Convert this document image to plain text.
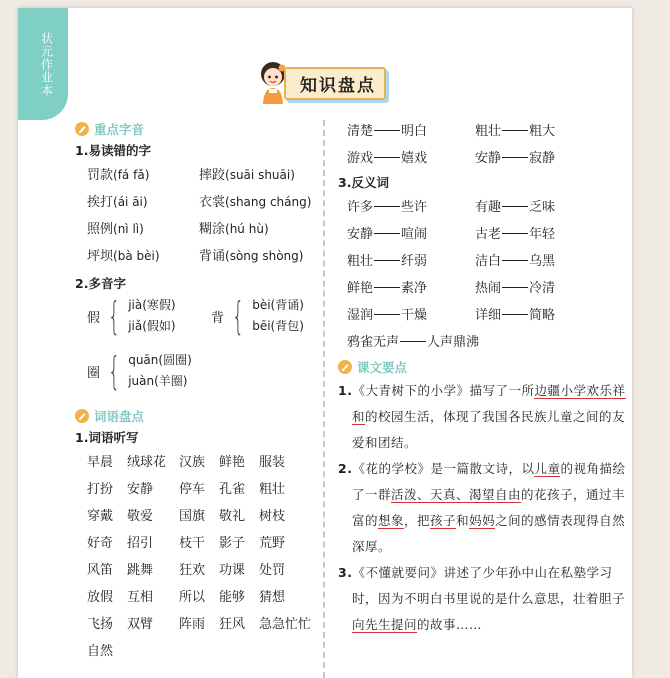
状元作业本	知识盘点
重点字音
1.易读错的字
罚款(fá fǎ)	摔跤(suāi shuāi)
挨打(ái āi)	衣裳(shang cháng)
照例(nì lì)	糊涂(hú hù)
坪坝(bà bèi)	背诵(sòng shòng)
2.多音字
假 { jià(寒假)
jiǎ(假如)
背 { bèi(背诵)
bēi(背包)
圈 { quān(圆圈)
juàn(羊圈)
词语盘点
1.词语听写
早晨 绒球花 汉族 鲜艳 服装
打扮 安静 停车 孔雀 粗壮
穿戴 敬爱 国旗 敬礼 树枝
好奇 招引 枝干 影子 荒野
风笛 跳舞 狂欢 功课 处罚
放假 互相 所以 能够 猜想
飞扬 双臂 阵雨 狂风 急急忙忙
自然
清楚 明白	粗壮 粗大
游戏 嬉戏	安静 寂静
3.反义词
许多 些许	有趣 乏味
安静 喧闹	古老 年轻
粗壮 纤弱	洁白 乌黑
鲜艳 素净	热闹 冷清
湿润 干燥	详细 简略
鸦雀无声 人声鼎沸
课文要点
1.《大青树下的小学》描写了一所边疆小学欢乐祥和的校园生活，体现了我国各民族儿童之间的友爱和团结。
2.《花的学校》是一篇散文诗，以儿童的视角描绘了一群活泼、天真、渴望自由的花孩子，通过丰富的想象，把孩子和妈妈之间的感情表现得自然深厚。
3.《不懂就要问》讲述了少年孙中山在私塾学习时，因为不明白书里说的是什么意思，壮着胆子向先生提问的故事……
